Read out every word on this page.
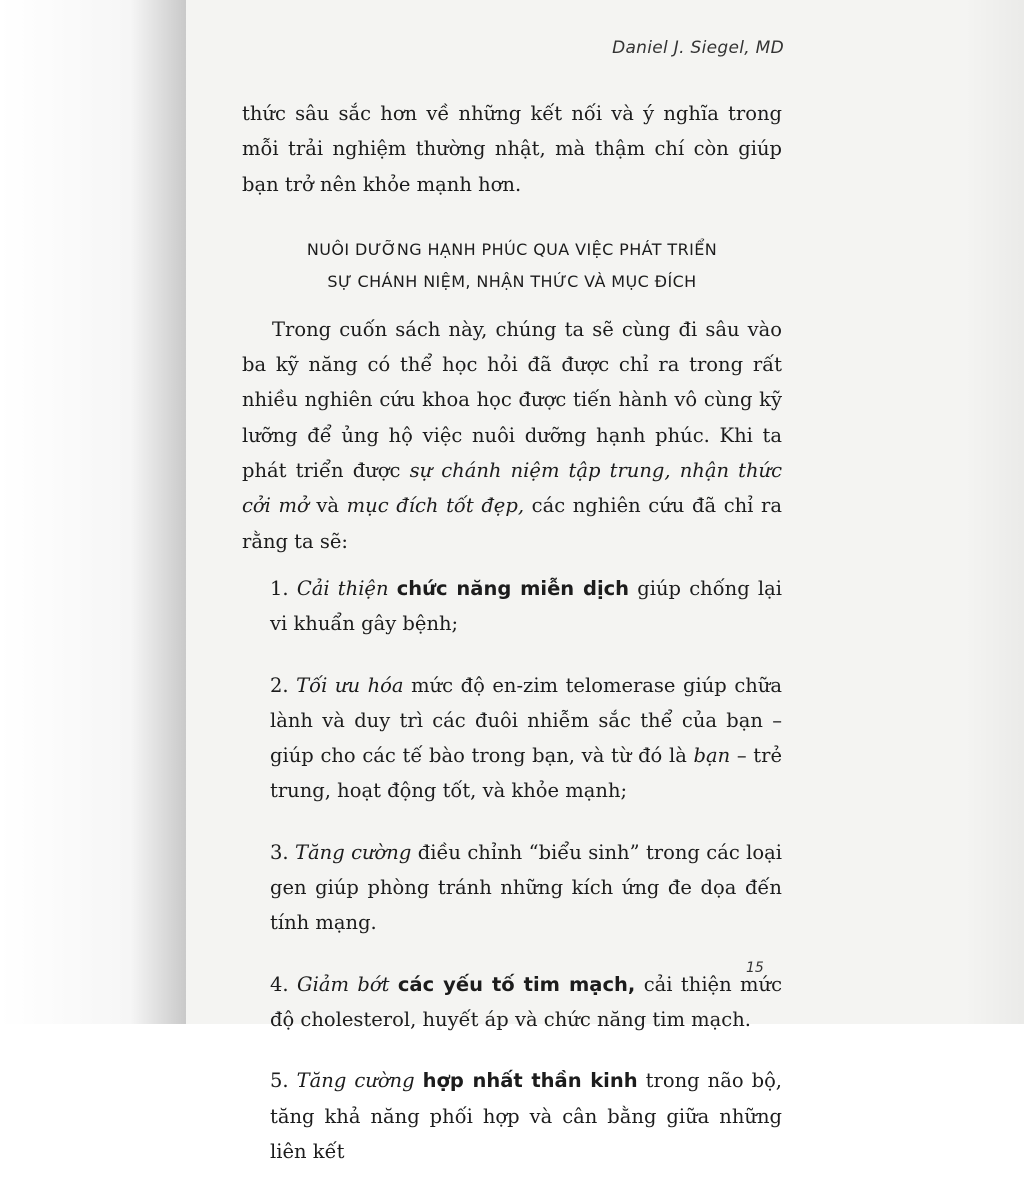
Daniel J. Siegel, MD

thức sâu sắc hơn về những kết nối và ý nghĩa trong mỗi trải nghiệm thường nhật, mà thậm chí còn giúp bạn trở nên khỏe mạnh hơn.

NUÔI DƯỠNG HẠNH PHÚC QUA VIỆC PHÁT TRIỂN
SỰ CHÁNH NIỆM, NHẬN THỨC VÀ MỤC ĐÍCH

Trong cuốn sách này, chúng ta sẽ cùng đi sâu vào ba kỹ năng có thể học hỏi đã được chỉ ra trong rất nhiều nghiên cứu khoa học được tiến hành vô cùng kỹ lưỡng để ủng hộ việc nuôi dưỡng hạnh phúc. Khi ta phát triển được sự chánh niệm tập trung, nhận thức cởi mở và mục đích tốt đẹp, các nghiên cứu đã chỉ ra rằng ta sẽ:

1. Cải thiện chức năng miễn dịch giúp chống lại vi khuẩn gây bệnh;
2. Tối ưu hóa mức độ en-zim telomerase giúp chữa lành và duy trì các đuôi nhiễm sắc thể của bạn – giúp cho các tế bào trong bạn, và từ đó là bạn – trẻ trung, hoạt động tốt, và khỏe mạnh;
3. Tăng cường điều chỉnh “biểu sinh” trong các loại gen giúp phòng tránh những kích ứng đe dọa đến tính mạng.
4. Giảm bớt các yếu tố tim mạch, cải thiện mức độ cholesterol, huyết áp và chức năng tim mạch.
5. Tăng cường hợp nhất thần kinh trong não bộ, tăng khả năng phối hợp và cân bằng giữa những liên kết
15
